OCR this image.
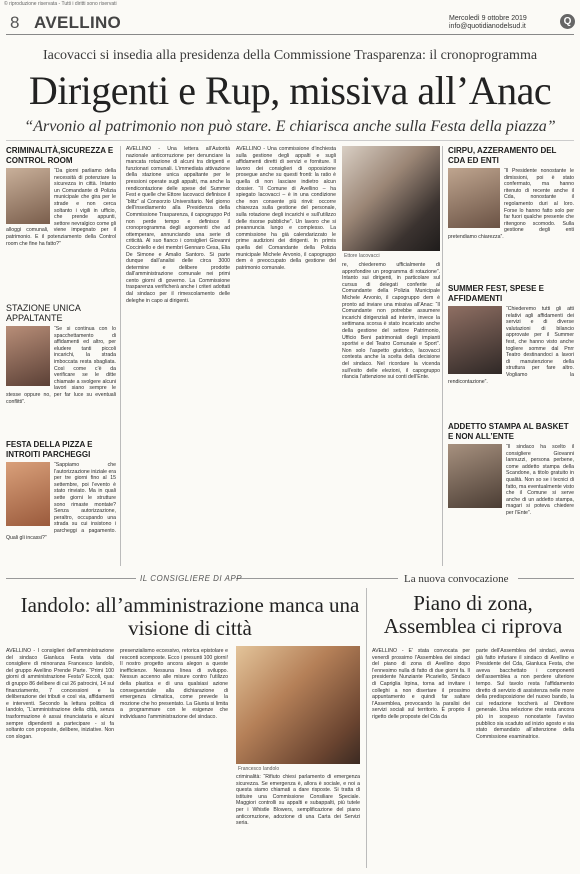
© riproduzione riservata - Tutti i diritti sono riservati
8 AVELLINO	Mercoledì 9 ottobre 2019
info@quotidianodelsud.it	Q
Iacovacci si insedia alla presidenza della Commissione Trasparenza: il cronoprogramma
Dirigenti e Rup, missiva all’Anac
“Arvonio al patrimonio non può stare. E chiarisca anche sulla Festa della piazza”
CRIMINALITÀ,SICUREZZA E CONTROL ROOM
“Da giorni parliamo della necessità di potenziare la sicurezza in città. Intanto un Comandante di Polizia municipale che gira per le strade e non cerca soltanto i vigili in ufficio, che prende appunti, settore nevralgico come gli alloggi comunali, viene impegnato per il patrimonio. E il potenziamento della Control room che fine ha fatto?”
STAZIONE UNICA APPALTANTE
“Se si continua con lo spacchettamento di affidamenti ed altro, per eludere tanti piccoli incarichi, la strada imboccata resta sbagliata. Così come c’è da verificare se le ditte chiamate a svolgere alcuni lavori siano sempre le stesse oppure no, per far luce su eventuali conflitti”.
FESTA DELLA PIZZA E INTROITI PARCHEGGI
“Sappiamo che l’autorizzazione iniziale era per tre giorni fino al 15 settembre, poi l’evento è stato rinviato. Ma in quali sette giorni le strutture sono rimaste montate? Senza autorizzazione, peraltro, occupando una strada su cui insistono i parcheggi a pagamento. Quali gli incassi?”
AVELLINO - Una lettera all’Autorità nazionale anticorruzione per denunciare la mancata rotazione di alcuni tra dirigenti e funzionari comunali. L’immediata attivazione della stazione unica appaltante per le pressioni operate sugli appalti, ma anche la rendicontazione delle spese del Summer Fest e quelle che Ettore Iacovacci definisce il “blitz” al Consorzio Universitario. Nel giorno dell’insediamento alla Presidenza della Commissione Trasparenza, il capogruppo Pd non perde tempo e definisce il cronoprogramma degli argomenti che ad ottemperare, annunciando una serie di criticità. Al suo fianco i consiglieri Giovanni Cocciniello e dei membri Gennaro Cesa, Elia De Simone e Amalio Santoro. Si parte dunque dall’analisi delle circa 3000 determine e delibere prodotte dall’amministrazione comunale nei primi cento giorni di governo. La Commissione trasparenza verificherà anche i criteri adottati dal sindaco per il rimescolamento delle deleghe in capo ai dirigenti.
AVELLINO - Una commissione d’inchiesta sulla gestione degli appalti e sugli affidamenti diretti di servizi e forniture. Il lavoro dei consiglieri di opposizione prosegue anche su questi fronti: la ratio è quella di non lasciare indietro alcun dossier. “Il Comune di Avellino – ha spiegato Iacovacci – è in una condizione che non consente più rinvii: occorre chiarezza sulla gestione del personale, sulla rotazione degli incarichi e sull’utilizzo delle risorse pubbliche”. Un lavoro che si preannuncia lungo e complesso. La commissione ha già calendarizzato le prime audizioni dei dirigenti. In primis quella del Comandante della Polizia municipale Michele Arvonio, il capogruppo dem è preoccupato della gestione del patrimonio comunale.
Ettore Iacovacci
re, chiederemo ufficialmente di approfondire un programma di rotazione”. Intanto sui dirigenti, in particolare sul cursus di delegati conferite al Comandante della Polizia Municipale Michele Arvonio, il capogruppo dem è pronto ad inviare una missiva all’Anac: “Il Comandante non potrebbe assumere incarichi dirigenziali ad interim, invece la settimana scorsa è stato incaricato anche della gestione del settore Patrimonio, Ufficio Beni patrimoniali degli impianti sportivi e del Teatro Comunale e Sport”. Non solo l’aspetto giuridico, Iacovacci contesta anche la scelta della decisione del sindaco. Nel ricordare la vicenda sull’esito delle elezioni, il capogruppo rilancia l’attenzione sui conti dell’Ente.
CIRPU, AZZERAMENTO DEL CDA ED ENTI
“Il Presidente nonostante le dimissioni, poi è stato confermato, ma hanno ritenuto di recente anche il Cda, nonostante il regolamento duri al loro. Forse lo hanno fatto solo per far fuori qualche presente che ritengono scomodo. Sulla gestione degli enti pretendiamo chiarezza”.
SUMMER FEST, SPESE E AFFIDAMENTI
“Chiederemo tutti gli atti relativi agli affidamenti dei servizi e di diverse valutazioni di bilancio approvate per il Summer fest, che hanno visto anche togliere somme dal Pnrr Teatro destinandoci a lavori di manutenzione della struttura per fare altro. Vogliamo la rendicontazione”.
ADDETTO STAMPA AL BASKET E NON ALL’ENTE
“Il sindaco ha scelto il consigliere Giovanni Iannuzzi, persona perbene, come addetto stampa della Scandone, a titolo gratuito in qualità. Non so se i tecnici di fatto, ma eventualmente visto che il Comune si serve anche di un addetto stampa, magari si poteva chiedere per l’Ente”.
IL CONSIGLIERE DI APP	La nuova convocazione
Iandolo: all’amministrazione manca una visione di città
AVELLINO - I consiglieri dell’amministrazione del sindaco Gianluca Festa vista dal consigliere di minoranza Francesco Iandolo, del gruppo Avellino Prende Parte. “Primi 100 giorni di amministrazione Festa? Eccoli, qua: di gruppo 86 delibere di cui 26 patrocini, 14 sul finanziamento, 7 concessioni e la deliberazione dei tributi e così via, affidamenti e interventi. Secondo la lettura politica di Iandolo, “L’amministrazione della città, senza trasformazione è assai rinunciataria e alcuni sempre dipendenti a partecipare - si fa soltanto con proposte, delibere, iniziative. Non con slogan.
presenzialismo eccessivo, retorica epistolare e resconti scomposte. Ecco i presunti 100 giorni! Il nostro progetto ancora alegon a queste inefficienze. Nessuna linea di sviluppo. Nessun accenno alle misure contro l’utilizzo della plastica e di una qualsiasi azione conseguenziale alla dichiarazione di emergenza climatica, come prevede la mozione che ho presentato. La Giunta si limita a programmare con le esigenze che individuano l’amministrazione del sindaco.
Francesco Iandolo
criminalità: “Rifiuto chiesi parlamento di emergenza sicurezza. Se emergenza è, allora è sociale, e noi a questa siamo chiamati a dare risposte. Si tratta di istituire una Commissione Consiliare Speciale. Maggiori controlli su appalti e subappalti, più tutele per i Whistle Blowers, semplificazione del piano anticorruzione, adozione di una Carta dei Servizi seria.
Piano di zona, Assemblea ci riprova
AVELLINO - E’ stata convocata per venerdì prossimo l’Assemblea dei sindaci del piano di zona di Avellino dopo l’ennesimo nulla di fatto di due giorni fa. Il presidente Nunziante Picariello, Sindaco di Capriglia Irpina, torna ad invitare i colleghi a non disertare il prossimo appuntamento e quindi far saltare l’Assemblea, provocando la paralisi dei servizi sociali sul territorio. È proprio il rigetto delle proposte del Cda da
parte dell’Assemblea del sindaci, aveva già fatto infuriare il sindaco di Avellino e Presidente del Cda, Gianluca Festa, che aveva bacchettato i componenti dell’assemblea a non perdere ulteriore tempo. Sul tavolo resta l’affidamento diretto di servizio di assistenza nelle more della predisposizione del nuovo bando, la cui redazione toccherà al Direttore generale. Una selezione che resta ancora più in sospeso nonostante l’avviso pubblico sia scaduto ad inizio agosto e sia stato demandato all’attenzione della Commissione esaminatrice.
